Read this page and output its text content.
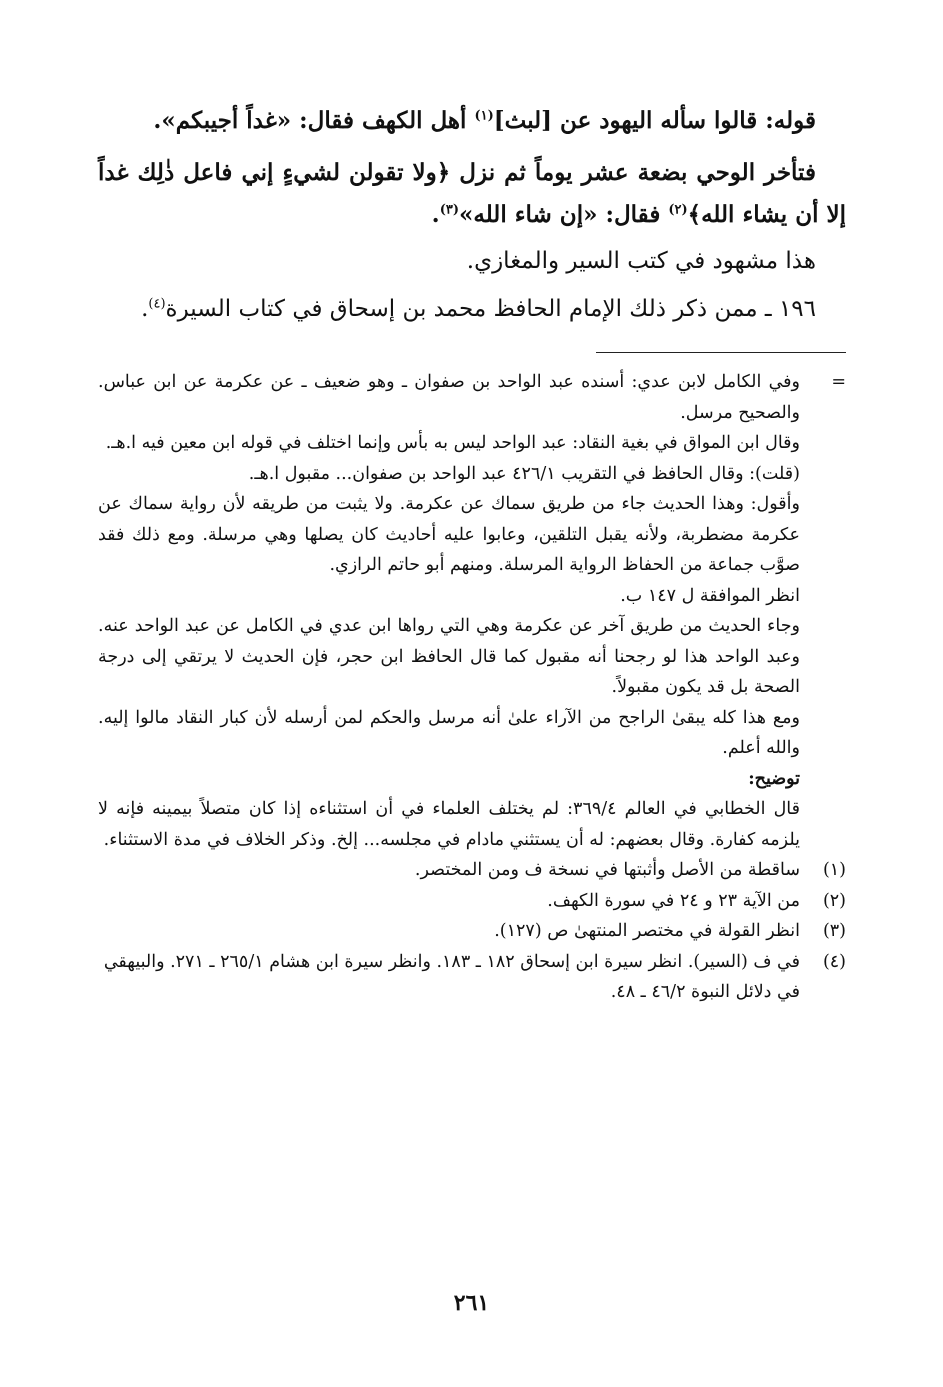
قوله: قالوا سأله اليهود عن [لبث]$^{(١)}$ أهل الكهف فقال: «غداً أجيبكم».

فتأخر الوحي بضعة عشر يوماً ثم نزل ﴿ولا تقولن لشيءٍ إني فاعل ذٰلِك غداً إلا أن يشاء الله﴾$^{(٢)}$ فقال: «إن شاء الله»$^{(٣)}$.

هذا مشهود في كتب السير والمغازي.

١٩٦ ـ ممن ذكر ذلك الإمام الحافظ محمد بن إسحاق في كتاب السيرة$^{(٤)}$.

=

وفي الكامل لابن عدي: أسنده عبد الواحد بن صفوان ـ وهو ضعيف ـ عن عكرمة عن ابن عباس. والصحيح مرسل.

وقال ابن المواق في بغية النقاد: عبد الواحد ليس به بأس وإنما اختلف في قوله ابن معين فيه ا.هـ.

(قلت): وقال الحافظ في التقريب ٤٢٦/١ عبد الواحد بن صفوان... مقبول ا.هـ.

وأقول: وهذا الحديث جاء من طريق سماك عن عكرمة. ولا يثبت من طريقه لأن رواية سماك عن عكرمة مضطربة، ولأنه يقبل التلقين، وعابوا عليه أحاديث كان يصلها وهي مرسلة. ومع ذلك فقد صوَّب جماعة من الحفاظ الرواية المرسلة. ومنهم أبو حاتم الرازي.

انظر الموافقة ل ١٤٧ ب.

وجاء الحديث من طريق آخر عن عكرمة وهي التي رواها ابن عدي في الكامل عن عبد الواحد عنه. وعبد الواحد هذا لو رجحنا أنه مقبول كما قال الحافظ ابن حجر، فإن الحديث لا يرتقي إلى درجة الصحة بل قد يكون مقبولاً.

ومع هذا كله يبقىٰ الراجح من الآراء علىٰ أنه مرسل والحكم لمن أرسله لأن كبار النقاد مالوا إليه. والله أعلم.

توضيح:

قال الخطابي في العالم ٣٦٩/٤: لم يختلف العلماء في أن استثناءه إذا كان متصلاً بيمينه فإنه لا يلزمه كفارة. وقال بعضهم: له أن يستثني مادام في مجلسه... إلخ. وذكر الخلاف في مدة الاستثناء.

(١)
ساقطة من الأصل وأثبتها في نسخة ف ومن المختصر.
(٢)
من الآية ٢٣ و ٢٤ في سورة الكهف.
(٣)
انظر القولة في مختصر المنتهىٰ ص (١٢٧).
(٤)
في ف (السير). انظر سيرة ابن إسحاق ١٨٢ ـ ١٨٣. وانظر سيرة ابن هشام ٢٦٥/١ ـ ٢٧١. والبيهقي في دلائل النبوة ٤٦/٢ ـ ٤٨.
٢٦١
